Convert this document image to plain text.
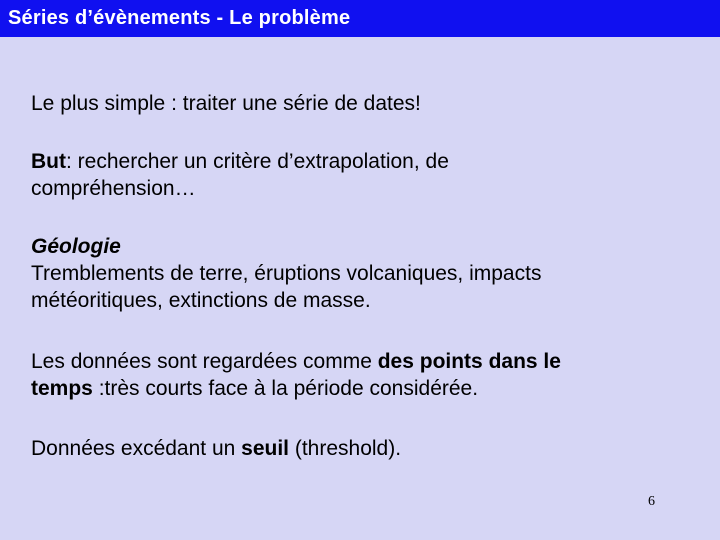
Séries d’évènements - Le problème
Le plus simple : traiter une série de dates!
But: rechercher un critère d’extrapolation, de
compréhension…
Géologie
Tremblements de terre, éruptions volcaniques, impacts
météoritiques, extinctions de masse.
Les données sont regardées comme des points dans le
temps :très courts face à la période considérée.
Données excédant un seuil (threshold).
6
